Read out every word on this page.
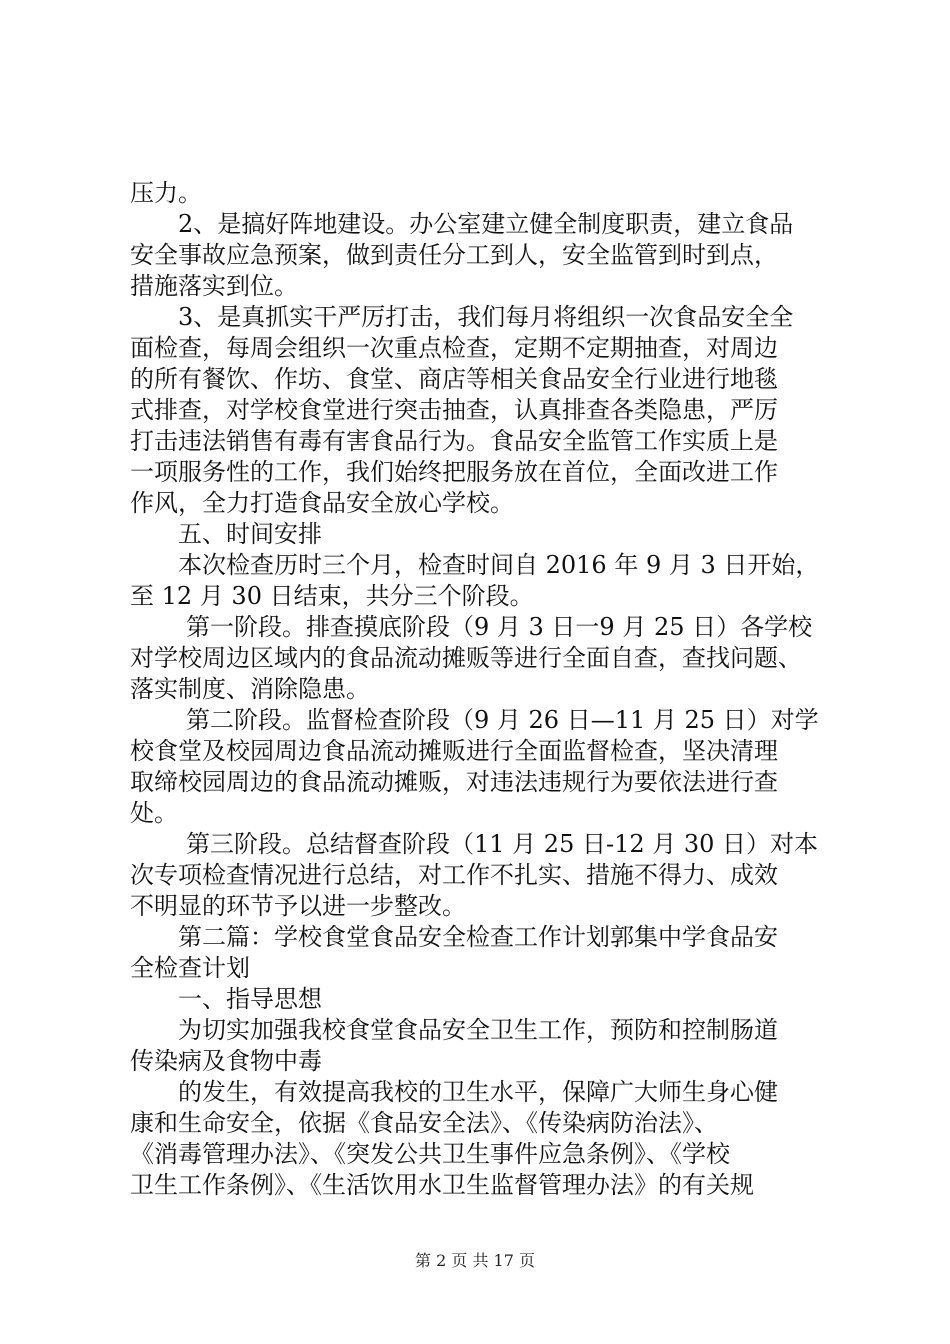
压力。
2、是搞好阵地建设。办公室建立健全制度职责，建立食品
安全事故应急预案，做到责任分工到人，安全监管到时到点，
措施落实到位。
3、是真抓实干严厉打击，我们每月将组织一次食品安全全
面检查，每周会组织一次重点检查，定期不定期抽查，对周边
的所有餐饮、作坊、食堂、商店等相关食品安全行业进行地毯
式排查，对学校食堂进行突击抽查，认真排查各类隐患，严厉
打击违法销售有毒有害食品行为。食品安全监管工作实质上是
一项服务性的工作，我们始终把服务放在首位，全面改进工作
作风，全力打造食品安全放心学校。
五、时间安排
本次检查历时三个月，检查时间自 2016 年 9 月 3 日开始，
至 12 月 30 日结束，共分三个阶段。
第一阶段。排查摸底阶段（9 月 3 日一9 月 25 日）各学校
对学校周边区域内的食品流动摊贩等进行全面自查，查找问题、
落实制度、消除隐患。
第二阶段。监督检查阶段（9 月 26 日—11 月 25 日）对学
校食堂及校园周边食品流动摊贩进行全面监督检查，坚决清理
取缔校园周边的食品流动摊贩，对违法违规行为要依法进行查
处。
第三阶段。总结督查阶段（11 月 25 日-12 月 30 日）对本
次专项检查情况进行总结，对工作不扎实、措施不得力、成效
不明显的环节予以进一步整改。
第二篇：学校食堂食品安全检查工作计划郭集中学食品安
全检查计划
一、指导思想
为切实加强我校食堂食品安全卫生工作，预防和控制肠道
传染病及食物中毒
的发生，有效提高我校的卫生水平，保障广大师生身心健
康和生命安全，依据《食品安全法》、《传染病防治法》、
《消毒管理办法》、《突发公共卫生事件应急条例》、《学校
卫生工作条例》、《生活饮用水卫生监督管理办法》的有关规
第 2 页 共 17 页
